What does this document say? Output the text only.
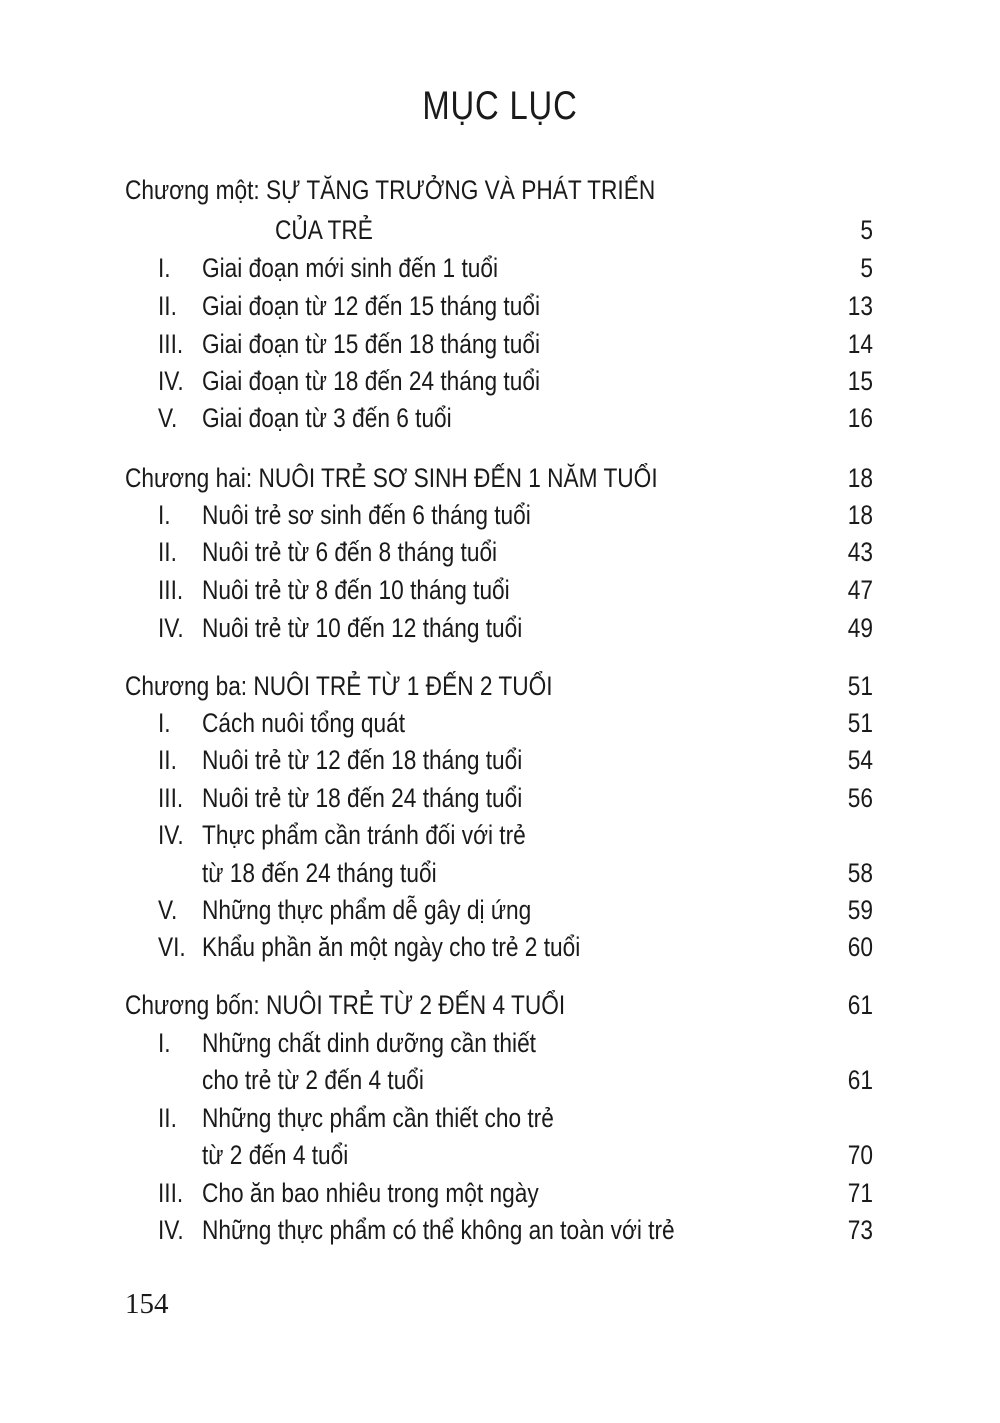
MỤC LỤC
Chương một: SỰ TĂNG TRƯỞNG VÀ PHÁT TRIỂN
CỦA TRẺ	5
I. Giai đoạn mới sinh đến 1 tuổi	5
II. Giai đoạn từ 12 đến 15 tháng tuổi	13
III. Giai đoạn từ 15 đến 18 tháng tuổi	14
IV. Giai đoạn từ 18 đến 24 tháng tuổi	15
V. Giai đoạn từ 3 đến 6 tuổi	16
Chương hai: NUÔI TRẺ SƠ SINH ĐẾN 1 NĂM TUỔI	18
I. Nuôi trẻ sơ sinh đến 6 tháng tuổi	18
II. Nuôi trẻ từ 6 đến 8 tháng tuổi	43
III. Nuôi trẻ từ 8 đến 10 tháng tuổi	47
IV. Nuôi trẻ từ 10 đến 12 tháng tuổi	49
Chương ba: NUÔI TRẺ TỪ 1 ĐẾN 2 TUỔI	51
I. Cách nuôi tổng quát	51
II. Nuôi trẻ từ 12 đến 18 tháng tuổi	54
III. Nuôi trẻ từ 18 đến 24 tháng tuổi	56
IV. Thực phẩm cần tránh đối với trẻ
từ 18 đến 24 tháng tuổi	58
V. Những thực phẩm dễ gây dị ứng	59
VI. Khẩu phần ăn một ngày cho trẻ 2 tuổi	60
Chương bốn: NUÔI TRẺ TỪ 2 ĐẾN 4 TUỔI	61
I. Những chất dinh dưỡng cần thiết
cho trẻ từ 2 đến 4 tuổi	61
II. Những thực phẩm cần thiết cho trẻ
từ 2 đến 4 tuổi	70
III. Cho ăn bao nhiêu trong một ngày	71
IV. Những thực phẩm có thể không an toàn với trẻ	73
154
